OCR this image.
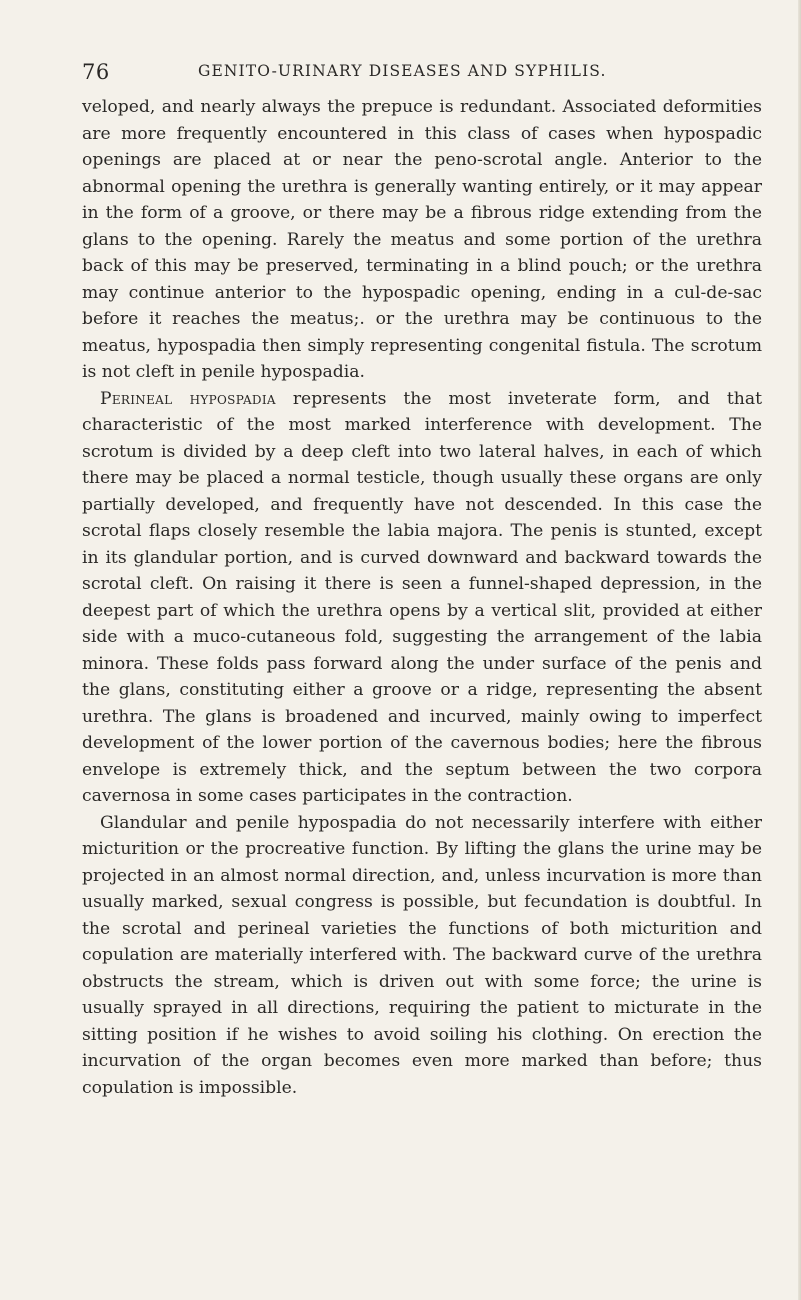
76	GENITO-URINARY DISEASES AND SYPHILIS.

veloped, and nearly always the prepuce is redundant. Associated deformities are more frequently encountered in this class of cases when hypospadic openings are placed at or near the peno-scrotal angle. Anterior to the abnormal opening the urethra is generally wanting entirely, or it may appear in the form of a groove, or there may be a fibrous ridge extending from the glans to the opening. Rarely the meatus and some portion of the urethra back of this may be preserved, terminating in a blind pouch; or the urethra may continue anterior to the hypospadic opening, ending in a cul-de-sac before it reaches the meatus;. or the urethra may be continuous to the meatus, hypospadia then simply representing congenital fistula. The scrotum is not cleft in penile hypospadia.

Perineal hypospadia represents the most inveterate form, and that characteristic of the most marked interference with development. The scrotum is divided by a deep cleft into two lateral halves, in each of which there may be placed a normal testicle, though usually these organs are only partially developed, and frequently have not descended. In this case the scrotal flaps closely resemble the labia majora. The penis is stunted, except in its glandular portion, and is curved downward and backward towards the scrotal cleft. On raising it there is seen a funnel-shaped depression, in the deepest part of which the urethra opens by a vertical slit, provided at either side with a muco-cutaneous fold, suggesting the arrangement of the labia minora. These folds pass forward along the under surface of the penis and the glans, constituting either a groove or a ridge, representing the absent urethra. The glans is broadened and incurved, mainly owing to imperfect development of the lower portion of the cavernous bodies; here the fibrous envelope is extremely thick, and the septum between the two corpora cavernosa in some cases participates in the contraction.

Glandular and penile hypospadia do not necessarily interfere with either micturition or the procreative function. By lifting the glans the urine may be projected in an almost normal direction, and, unless incurvation is more than usually marked, sexual congress is possible, but fecundation is doubtful. In the scrotal and perineal varieties the functions of both micturition and copulation are materially interfered with. The backward curve of the urethra obstructs the stream, which is driven out with some force; the urine is usually sprayed in all directions, requiring the patient to micturate in the sitting position if he wishes to avoid soiling his clothing. On erection the incurvation of the organ becomes even more marked than before; thus copulation is impossible.
